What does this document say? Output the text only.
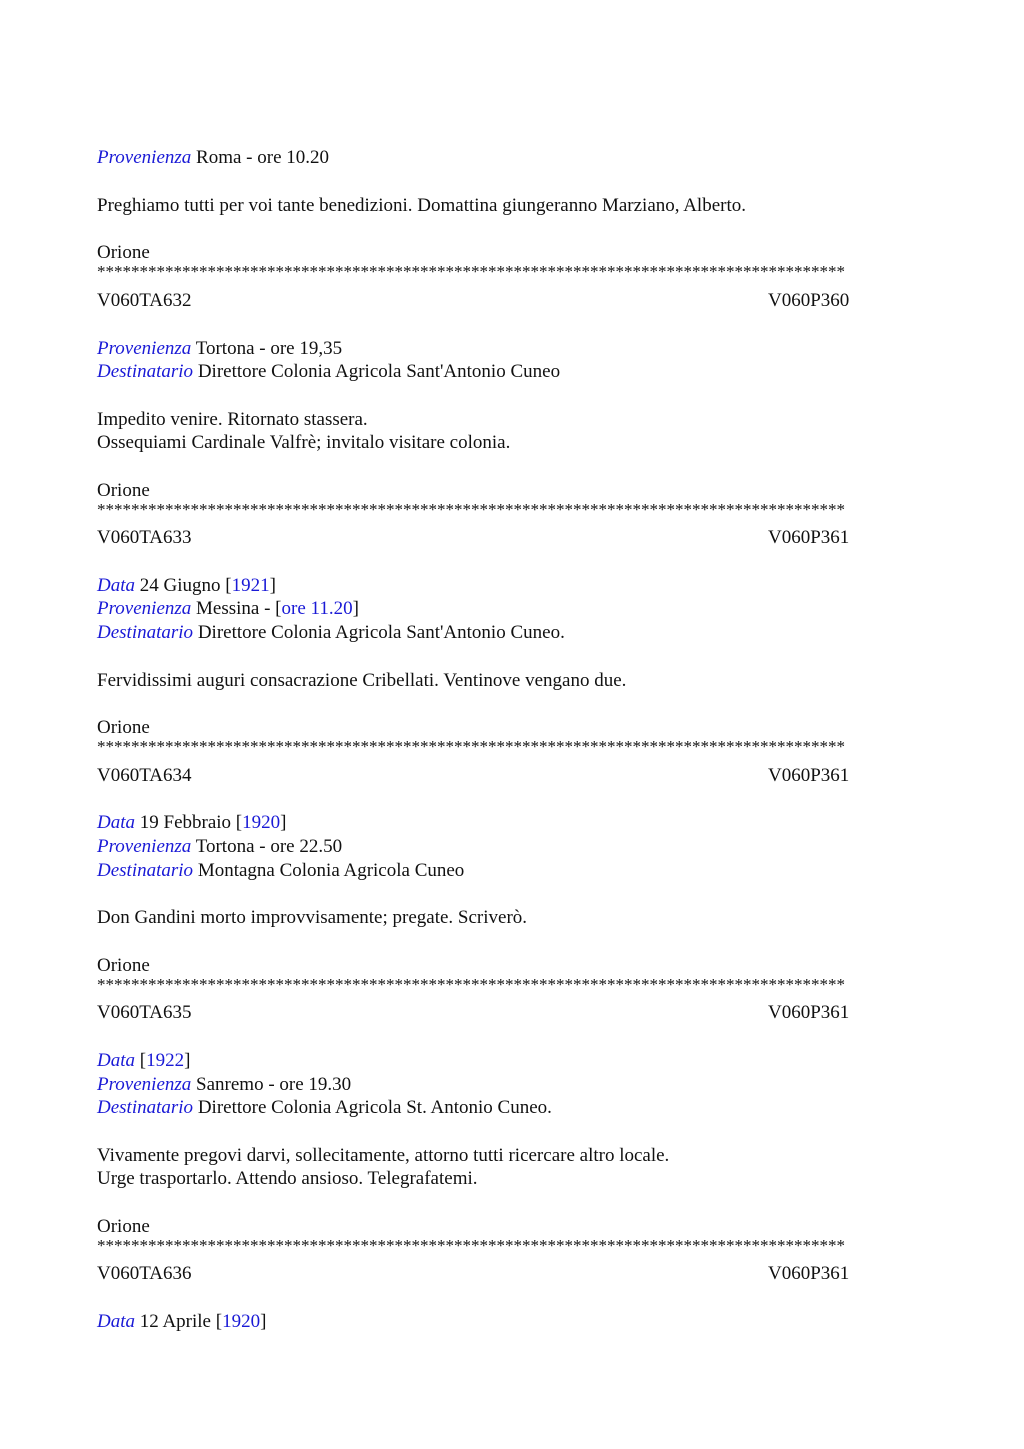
Provenienza Roma - ore 10.20
Preghiamo tutti per voi tante benedizioni. Domattina giungeranno Marziano, Alberto.
Orione
****************************************************************************************
V060TA632	V060P360
Provenienza Tortona - ore 19,35
Destinatario Direttore Colonia Agricola Sant'Antonio Cuneo
Impedito venire. Ritornato stassera.
Ossequiami Cardinale Valfrè; invitalo visitare colonia.
Orione
****************************************************************************************
V060TA633	V060P361
Data 24 Giugno [1921]
Provenienza Messina - [ore 11.20]
Destinatario Direttore Colonia Agricola Sant'Antonio Cuneo.
Fervidissimi auguri consacrazione Cribellati. Ventinove vengano due.
Orione
****************************************************************************************
V060TA634	V060P361
Data 19 Febbraio [1920]
Provenienza Tortona - ore 22.50
Destinatario Montagna Colonia Agricola Cuneo
Don Gandini morto improvvisamente; pregate. Scriverò.
Orione
****************************************************************************************
V060TA635	V060P361
Data [1922]
Provenienza Sanremo - ore 19.30
Destinatario Direttore Colonia Agricola St. Antonio Cuneo.
Vivamente pregovi darvi, sollecitamente, attorno tutti ricercare altro locale.
Urge trasportarlo. Attendo ansioso. Telegrafatemi.
Orione
****************************************************************************************
V060TA636	V060P361
Data 12 Aprile [1920]
